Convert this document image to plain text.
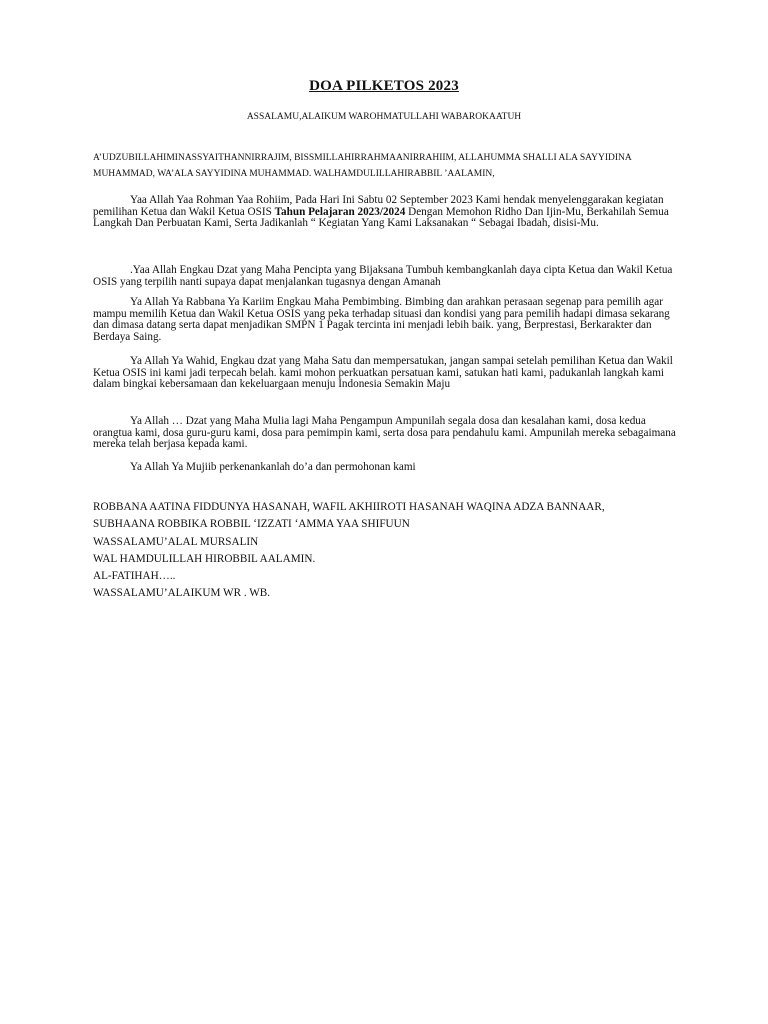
DOA PILKETOS 2023
ASSALAMU,ALAIKUM WAROHMATULLAHI WABAROKAATUH

A’UDZUBILLAHIMINASSYAITHANNIRRAJIM, BISSMILLAHIRRAHMAANIRRAHIIM, ALLAHUMMA SHALLI ALA SAYYIDINA MUHAMMAD, WA’ALA SAYYIDINA MUHAMMAD. WALHAMDULILLAHIRABBIL ’AALAMIN,

Yaa Allah Yaa Rohman Yaa Rohiim, Pada Hari Ini Sabtu 02 September 2023 Kami hendak menyelenggarakan kegiatan pemilihan Ketua dan Wakil Ketua OSIS Tahun Pelajaran 2023/2024 Dengan Memohon Ridho Dan Ijin-Mu, Berkahilah Semua Langkah Dan Perbuatan Kami, Serta Jadikanlah “ Kegiatan Yang Kami Laksanakan “ Sebagai Ibadah, disisi-Mu.

.Yaa Allah Engkau Dzat yang Maha Pencipta yang Bijaksana Tumbuh kembangkanlah daya cipta Ketua dan Wakil Ketua OSIS yang terpilih nanti supaya dapat menjalankan tugasnya dengan Amanah

Ya Allah Ya Rabbana Ya Kariim Engkau Maha Pembimbing. Bimbing dan arahkan perasaan segenap para pemilih agar mampu memilih Ketua dan Wakil Ketua OSIS yang peka terhadap situasi dan kondisi yang para pemilih hadapi dimasa sekarang dan dimasa datang serta dapat menjadikan SMPN 1 Pagak tercinta ini menjadi lebih baik. yang, Berprestasi, Berkarakter dan Berdaya Saing.

Ya Allah Ya Wahid, Engkau dzat yang Maha Satu dan mempersatukan, jangan sampai setelah pemilihan Ketua dan Wakil Ketua OSIS ini kami jadi terpecah belah. kami mohon perkuatkan persatuan kami, satukan hati kami, padukanlah langkah kami dalam bingkai kebersamaan dan kekeluargaan menuju Indonesia Semakin Maju

Ya Allah … Dzat yang Maha Mulia lagi Maha Pengampun Ampunilah segala dosa dan kesalahan kami, dosa kedua orangtua kami, dosa guru-guru kami, dosa para pemimpin kami, serta dosa para pendahulu kami. Ampunilah mereka sebagaimana mereka telah berjasa kepada kami.

Ya Allah Ya Mujiib perkenankanlah do’a dan permohonan kami

ROBBANA AATINA FIDDUNYA HASANAH, WAFIL AKHIIROTI HASANAH WAQINA ADZA BANNAAR,
SUBHAANA ROBBIKA ROBBIL ‘IZZATI ‘AMMA YAA SHIFUUN
WASSALAMU’ALAL MURSALIN
WAL HAMDULILLAH HIROBBIL AALAMIN.
AL-FATIHAH…..
WASSALAMU’ALAIKUM WR . WB.
